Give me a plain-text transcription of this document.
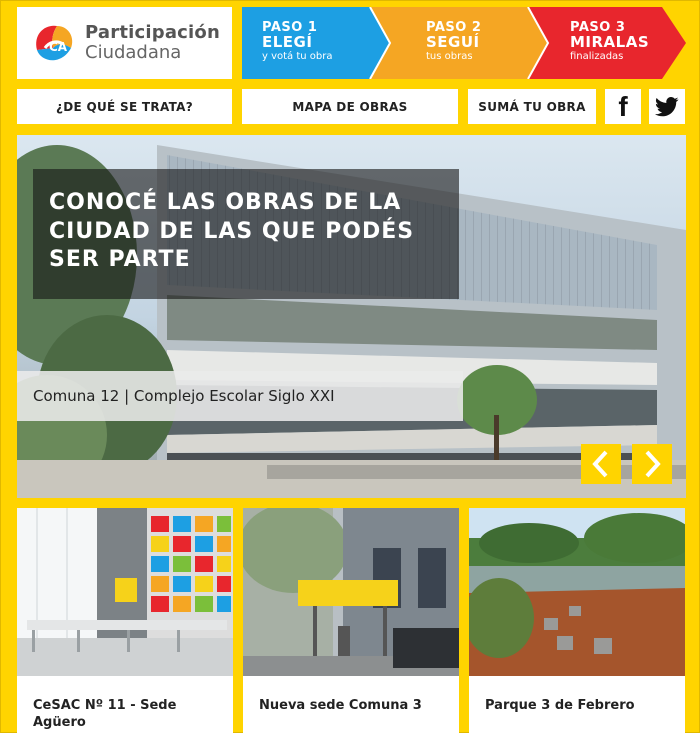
CA
Participación
Ciudadana
PASO 1
ELEGÍ
y votá tu obra
PASO 2
SEGUÍ
tus obras
PASO 3
MIRALAS
finalizadas
¿DE QUÉ SE TRATA?	MAPA DE OBRAS	SUMÁ TU OBRA	f
CONOCÉ LAS OBRAS DE LA CIUDAD DE LAS QUE PODÉS SER PARTE
Comuna 12 | Complejo Escolar Siglo XXI
CeSAC Nº 11 - Sede Agüero
Nueva sede Comuna 3	Parque 3 de Febrero
